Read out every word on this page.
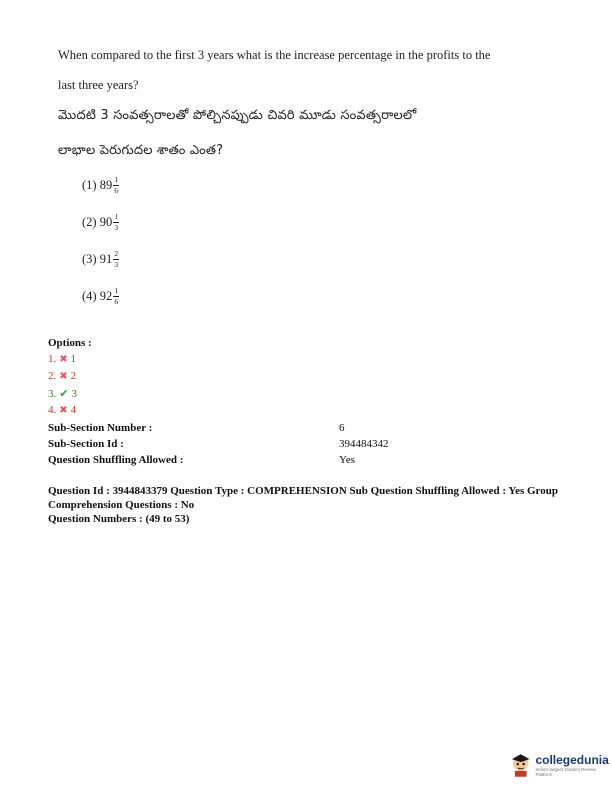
When compared to the first 3 years what is the increase percentage in the profits to the
last three years?
మొదటి 3 సంవత్సరాలతో పోల్చినప్పుడు చివరి మూడు సంవత్సరాలలో
లాభాల పెరుగుదల శాతం ఎంత?
(1)
$89 \frac{1}{6}$
(2)
$90 \frac{1}{3}$
(3)
$91 \frac{2}{3}$
(4)
$92 \frac{1}{6}$
Options :
1. ✖ 1
2. ✖ 2
3. ✔ 3
4. ✖ 4
Sub-Section Number :	6
Sub-Section Id :	394484342
Question Shuffling Allowed :	Yes
Question Id : 3944843379 Question Type : COMPREHENSION Sub Question Shuffling Allowed : Yes Group Comprehension Questions : No
Question Numbers : (49 to 53)
collegedunia
India's largest Student Review Platform
